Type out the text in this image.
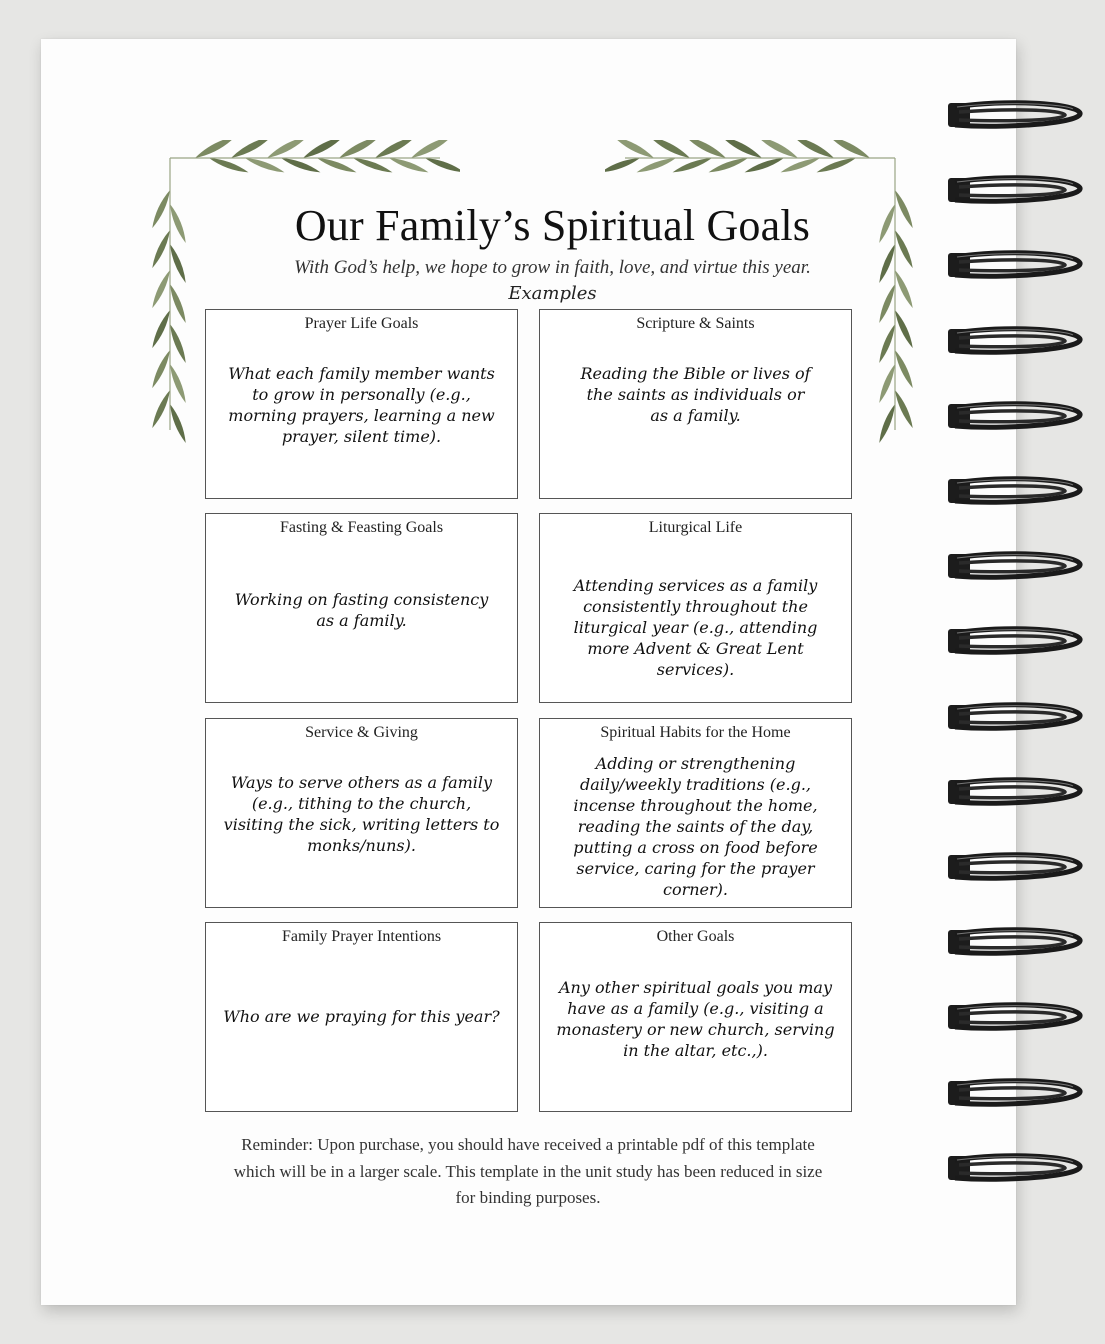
Our Family’s Spiritual Goals
With God’s help, we hope to grow in faith, love, and virtue this year.
Examples
Prayer Life Goals
What each family member wants to grow in personally (e.g., morning prayers, learning a new prayer, silent time).
Scripture & Saints
Reading the Bible or lives of the saints as individuals or as a family.
Fasting & Feasting Goals
Working on fasting consistency as a family.
Liturgical Life
Attending services as a family consistently throughout the liturgical year (e.g., attending more Advent & Great Lent services).
Service & Giving
Ways to serve others as a family (e.g., tithing to the church, visiting the sick, writing letters to monks/nuns).
Spiritual Habits for the Home
Adding or strengthening daily/weekly traditions (e.g., incense throughout the home, reading the saints of the day, putting a cross on food before service, caring for the prayer corner).
Family Prayer Intentions
Who are we praying for this year?
Other Goals
Any other spiritual goals you may have as a family (e.g., visiting a monastery or new church, serving in the altar, etc.,).
Reminder: Upon purchase, you should have received a printable pdf of this template which will be in a larger scale. This template in the unit study has been reduced in size for binding purposes.
